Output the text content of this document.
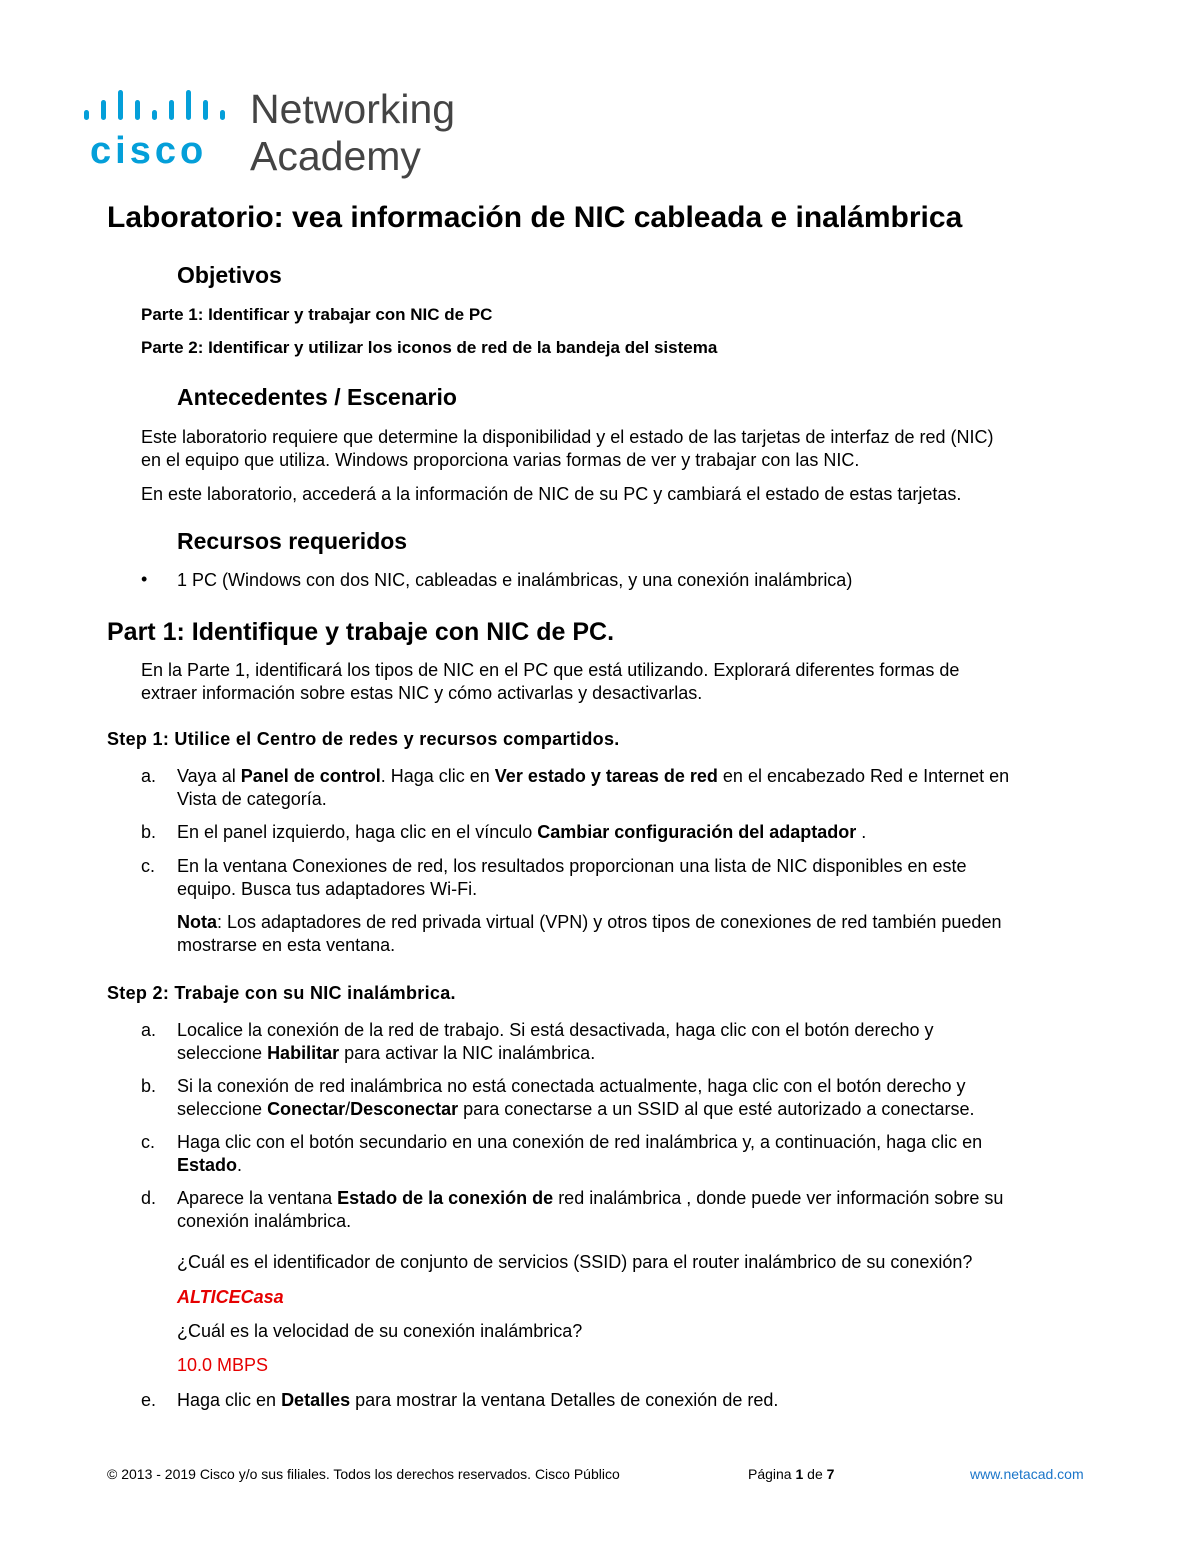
cisco
Networking
Academy
Laboratorio: vea información de NIC cableada e inalámbrica
Objetivos
Parte 1: Identificar y trabajar con NIC de PC
Parte 2: Identificar y utilizar los iconos de red de la bandeja del sistema
Antecedentes / Escenario
Este laboratorio requiere que determine la disponibilidad y el estado de las tarjetas de interfaz de red (NIC)
en el equipo que utiliza. Windows proporciona varias formas de ver y trabajar con las NIC.
En este laboratorio, accederá a la información de NIC de su PC y cambiará el estado de estas tarjetas.
Recursos requeridos
• 1 PC (Windows con dos NIC, cableadas e inalámbricas, y una conexión inalámbrica)
Part 1: Identifique y trabaje con NIC de PC.
En la Parte 1, identificará los tipos de NIC en el PC que está utilizando. Explorará diferentes formas de
extraer información sobre estas NIC y cómo activarlas y desactivarlas.
Step 1: Utilice el Centro de redes y recursos compartidos.
a. Vaya al Panel de control. Haga clic en Ver estado y tareas de red en el encabezado Red e Internet en
Vista de categoría.
b. En el panel izquierdo, haga clic en el vínculo Cambiar configuración del adaptador .
c. En la ventana Conexiones de red, los resultados proporcionan una lista de NIC disponibles en este
equipo. Busca tus adaptadores Wi-Fi.
Nota: Los adaptadores de red privada virtual (VPN) y otros tipos de conexiones de red también pueden
mostrarse en esta ventana.
Step 2: Trabaje con su NIC inalámbrica.
a. Localice la conexión de la red de trabajo. Si está desactivada, haga clic con el botón derecho y
seleccione Habilitar para activar la NIC inalámbrica.
b. Si la conexión de red inalámbrica no está conectada actualmente, haga clic con el botón derecho y
seleccione Conectar/Desconectar para conectarse a un SSID al que esté autorizado a conectarse.
c. Haga clic con el botón secundario en una conexión de red inalámbrica y, a continuación, haga clic en
Estado.
d. Aparece la ventana Estado de la conexión de red inalámbrica , donde puede ver información sobre su
conexión inalámbrica.
¿Cuál es el identificador de conjunto de servicios (SSID) para el router inalámbrico de su conexión?
ALTICECasa
¿Cuál es la velocidad de su conexión inalámbrica?
10.0 MBPS
e. Haga clic en Detalles para mostrar la ventana Detalles de conexión de red.
© 2013 - 2019 Cisco y/o sus filiales. Todos los derechos reservados. Cisco Público	Página 1 de 7	www.netacad.com
